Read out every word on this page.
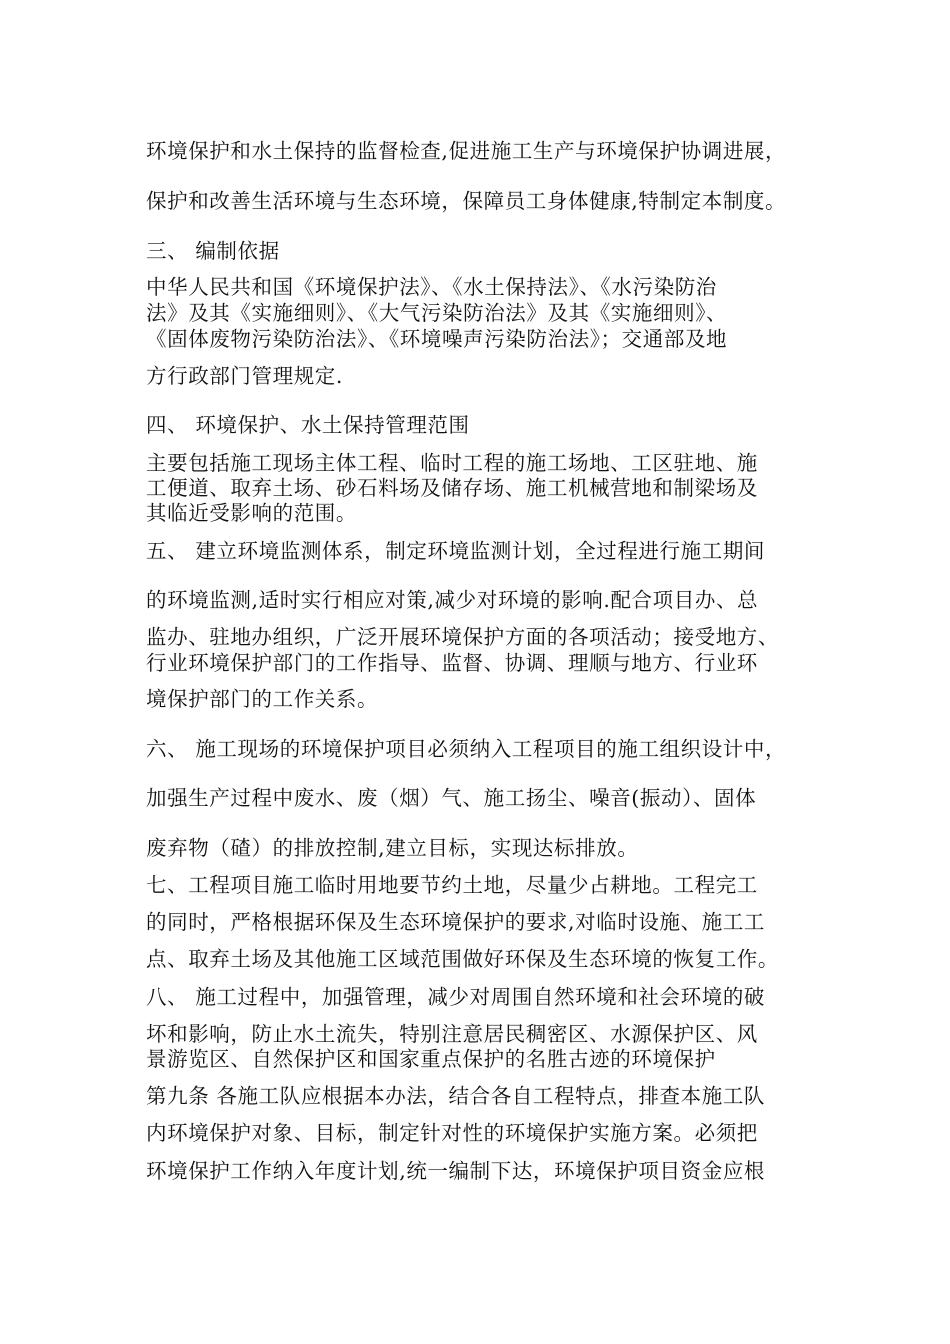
环境保护和水土保持的监督检查,促进施工生产与环境保护协调进展，
保护和改善生活环境与生态环境，保障员工身体健康,特制定本制度。
三、 编制依据
中华人民共和国《环境保护法》、《水土保持法》、《水污染防治
法》及其《实施细则》、《大气污染防治法》及其《实施细则》、
《固体废物污染防治法》、《环境噪声污染防治法》；交通部及地
方行政部门管理规定.
四、 环境保护、水土保持管理范围
主要包括施工现场主体工程、临时工程的施工场地、工区驻地、施
工便道、取弃土场、砂石料场及储存场、施工机械营地和制梁场及
其临近受影响的范围。
五、 建立环境监测体系，制定环境监测计划，全过程进行施工期间
的环境监测,适时实行相应对策,减少对环境的影响.配合项目办、总
监办、驻地办组织，广泛开展环境保护方面的各项活动；接受地方、
行业环境保护部门的工作指导、监督、协调、理顺与地方、行业环
境保护部门的工作关系。
六、 施工现场的环境保护项目必须纳入工程项目的施工组织设计中，
加强生产过程中废水、废（烟）气、施工扬尘、噪音(振动）、固体
废弃物（碴）的排放控制,建立目标，实现达标排放。
七、工程项目施工临时用地要节约土地，尽量少占耕地。工程完工
的同时，严格根据环保及生态环境保护的要求,对临时设施、施工工
点、取弃土场及其他施工区域范围做好环保及生态环境的恢复工作。
八、 施工过程中，加强管理，减少对周围自然环境和社会环境的破
坏和影响，防止水土流失，特别注意居民稠密区、水源保护区、风
景游览区、自然保护区和国家重点保护的名胜古迹的环境保护
第九条 各施工队应根据本办法，结合各自工程特点，排查本施工队
内环境保护对象、目标，制定针对性的环境保护实施方案。必须把
环境保护工作纳入年度计划,统一编制下达，环境保护项目资金应根
